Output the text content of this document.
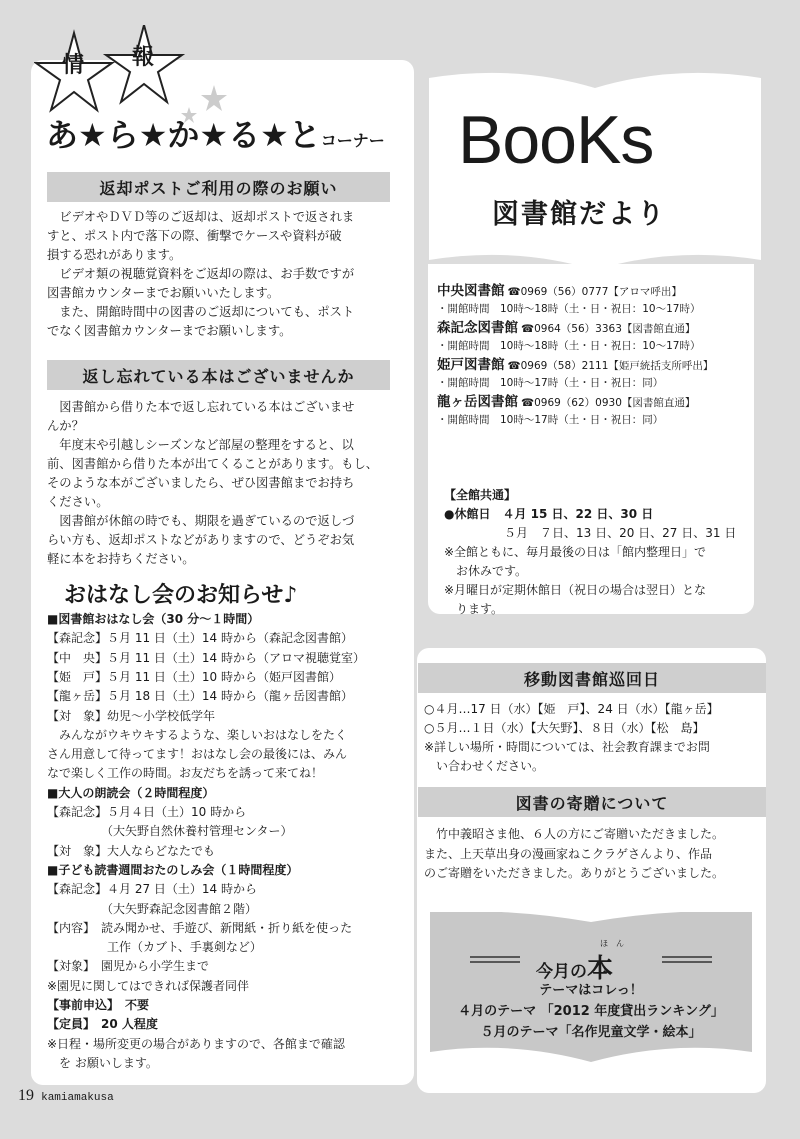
情 報
あ★ら★か★る★とコーナー
返却ポストご利用の際のお願い
　ビデオやＤＶＤ等のご返却は、返却ポストで返されま
すと、ポスト内で落下の際、衝撃でケースや資料が破
損する恐れがあります。
　ビデオ類の視聴覚資料をご返却の際は、お手数ですが
図書館カウンターまでお願いいたします。
　また、開館時間中の図書のご返却についても、ポスト
でなく図書館カウンターまでお願いします。
返し忘れている本はございませんか
　図書館から借りた本で返し忘れている本はございませ
んか？
　年度末や引越しシーズンなど部屋の整理をすると、以
前、図書館から借りた本が出てくることがあります。もし、
そのような本がございましたら、ぜひ図書館までお持ち
ください。
　図書館が休館の時でも、期限を過ぎているので返しづ
らい方も、返却ポストなどがありますので、どうぞお気
軽に本をお持ちください。
おはなし会のお知らせ♪
■図書館おはなし会（30 分～１時間）
【森記念】５月 11 日（土）14 時から（森記念図書館）
【中　央】５月 11 日（土）14 時から（アロマ視聴覚室）
【姫　戸】５月 11 日（土）10 時から（姫戸図書館）
【龍ヶ岳】５月 18 日（土）14 時から（龍ヶ岳図書館）
【対　象】幼児～小学校低学年
　みんながウキウキするような、楽しいおはなしをたく
さん用意して待ってます！おはなし会の最後には、みん
なで楽しく工作の時間。お友だちを誘って来てね！
■大人の朗読会（２時間程度）
【森記念】５月４日（土）10 時から
　　　　　（大矢野自然休養村管理センター）
【対　象】大人ならどなたでも
■子ども読書週間おたのしみ会（１時間程度）
【森記念】４月 27 日（土）14 時から
　　　　　（大矢野森記念図書館２階）
【内容】　読み聞かせ、手遊び、新聞紙・折り紙を使った
　　　　　工作（カブト、手裏剣など）
【対象】　園児から小学生まで
※園児に関してはできれば保護者同伴
【事前申込】　不要
【定員】　20 人程度
※日程・場所変更の場合がありますので、各館まで確認
　を お願いします。
BooKs
図書館だより
中央図書館 ☎0969（56）0777【アロマ呼出】
・開館時間　10時～18時（土・日・祝日：10～17時）
森記念図書館 ☎0964（56）3363【図書館直通】
・開館時間　10時～18時（土・日・祝日：10～17時）
姫戸図書館 ☎0969（58）2111【姫戸統括支所呼出】
・開館時間　10時～17時（土・日・祝日：同）
龍ヶ岳図書館 ☎0969（62）0930【図書館直通】
・開館時間　10時～17時（土・日・祝日：同）
【全館共通】
●休館日　４月 15 日、22 日、30 日
　　　　　５月　７日、13 日、20 日、27 日、31 日
※全館ともに、毎月最後の日は「館内整理日」で
　お休みです。
※月曜日が定期休館日（祝日の場合は翌日）とな
　ります。
移動図書館巡回日
○４月…17 日（水）【姫　戸】、24 日（水）【龍ヶ岳】
○５月…１日（水）【大矢野】、８日（水）【松　島】
※詳しい場所・時間については、社会教育課までお問
　い合わせください。
図書の寄贈について
　竹中義昭さま他、６人の方にご寄贈いただきました。
また、上天草出身の漫画家ねこクラゲさんより、作品
のご寄贈をいただきました。ありがとうございました。
ほ　ん
今月の本
テーマはコレっ！
４月のテーマ 「2012 年度貸出ランキング」
５月のテーマ「名作児童文学・絵本」
19 kamiamakusa
